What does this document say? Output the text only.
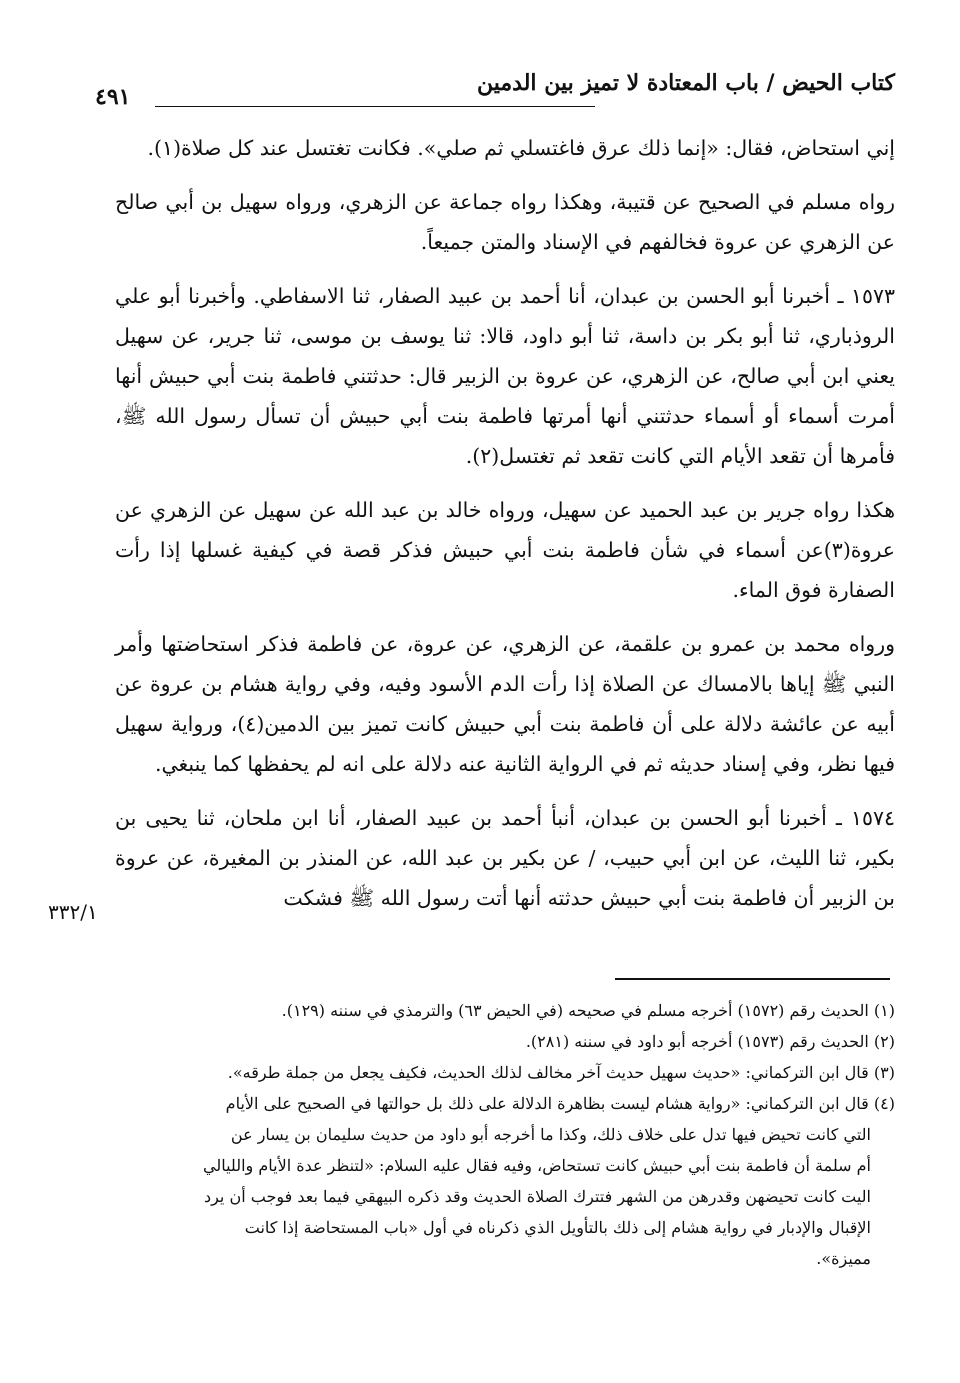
كتاب الحيض / باب المعتادة لا تميز بين الدمين
٤٩١

إني استحاض، فقال: «إنما ذلك عرق فاغتسلي ثم صلي». فكانت تغتسل عند كل صلاة(١).

رواه مسلم في الصحيح عن قتيبة، وهكذا رواه جماعة عن الزهري، ورواه سهيل بن أبي صالح عن الزهري عن عروة فخالفهم في الإسناد والمتن جميعاً.

١٥٧٣ ـ أخبرنا أبو الحسن بن عبدان، أنا أحمد بن عبيد الصفار، ثنا الاسفاطي. وأخبرنا أبو علي الروذباري، ثنا أبو بكر بن داسة، ثنا أبو داود، قالا: ثنا يوسف بن موسى، ثنا جرير، عن سهيل يعني ابن أبي صالح، عن الزهري، عن عروة بن الزبير قال: حدثتني فاطمة بنت أبي حبيش أنها أمرت أسماء أو أسماء حدثتني أنها أمرتها فاطمة بنت أبي حبيش أن تسأل رسول الله ﷺ، فأمرها أن تقعد الأيام التي كانت تقعد ثم تغتسل(٢).

هكذا رواه جرير بن عبد الحميد عن سهيل، ورواه خالد بن عبد الله عن سهيل عن الزهري عن عروة(٣)عن أسماء في شأن فاطمة بنت أبي حبيش فذكر قصة في كيفية غسلها إذا رأت الصفارة فوق الماء.

ورواه محمد بن عمرو بن علقمة، عن الزهري، عن عروة، عن فاطمة فذكر استحاضتها وأمر النبي ﷺ إياها بالامساك عن الصلاة إذا رأت الدم الأسود وفيه، وفي رواية هشام بن عروة عن أبيه عن عائشة دلالة على أن فاطمة بنت أبي حبيش كانت تميز بين الدمين(٤)، ورواية سهيل فيها نظر، وفي إسناد حديثه ثم في الرواية الثانية عنه دلالة على انه لم يحفظها كما ينبغي.

١٥٧٤ ـ أخبرنا أبو الحسن بن عبدان، أنبأ أحمد بن عبيد الصفار، أنا ابن ملحان، ثنا يحيى بن بكير، ثنا الليث، عن ابن أبي حبيب، / عن بكير بن عبد الله، عن المنذر بن المغيرة، عن عروة بن الزبير أن فاطمة بنت أبي حبيش حدثته أنها أتت رسول الله ﷺ فشكت

٣٣٢/١

(١) الحديث رقم (١٥٧٢) أخرجه مسلم في صحيحه (في الحيض ٦٣) والترمذي في سننه (١٢٩).

(٢) الحديث رقم (١٥٧٣) أخرجه أبو داود في سننه (٢٨١).

(٣) قال ابن التركماني: «حديث سهيل حديث آخر مخالف لذلك الحديث، فكيف يجعل من جملة طرقه».

(٤) قال ابن التركماني: «رواية هشام ليست بظاهرة الدلالة على ذلك بل حوالتها في الصحيح على الأيام

التي كانت تحيض فيها تدل على خلاف ذلك، وكذا ما أخرجه أبو داود من حديث سليمان بن يسار عن

أم سلمة أن فاطمة بنت أبي حبيش كانت تستحاض، وفيه فقال عليه السلام: «لتنظر عدة الأيام والليالي

اليت كانت تحيضهن وقدرهن من الشهر فتترك الصلاة الحديث وقد ذكره البيهقي فيما بعد فوجب أن يرد

الإقبال والإدبار في رواية هشام إلى ذلك بالتأويل الذي ذكرناه في أول «باب المستحاضة إذا كانت

مميزة».
